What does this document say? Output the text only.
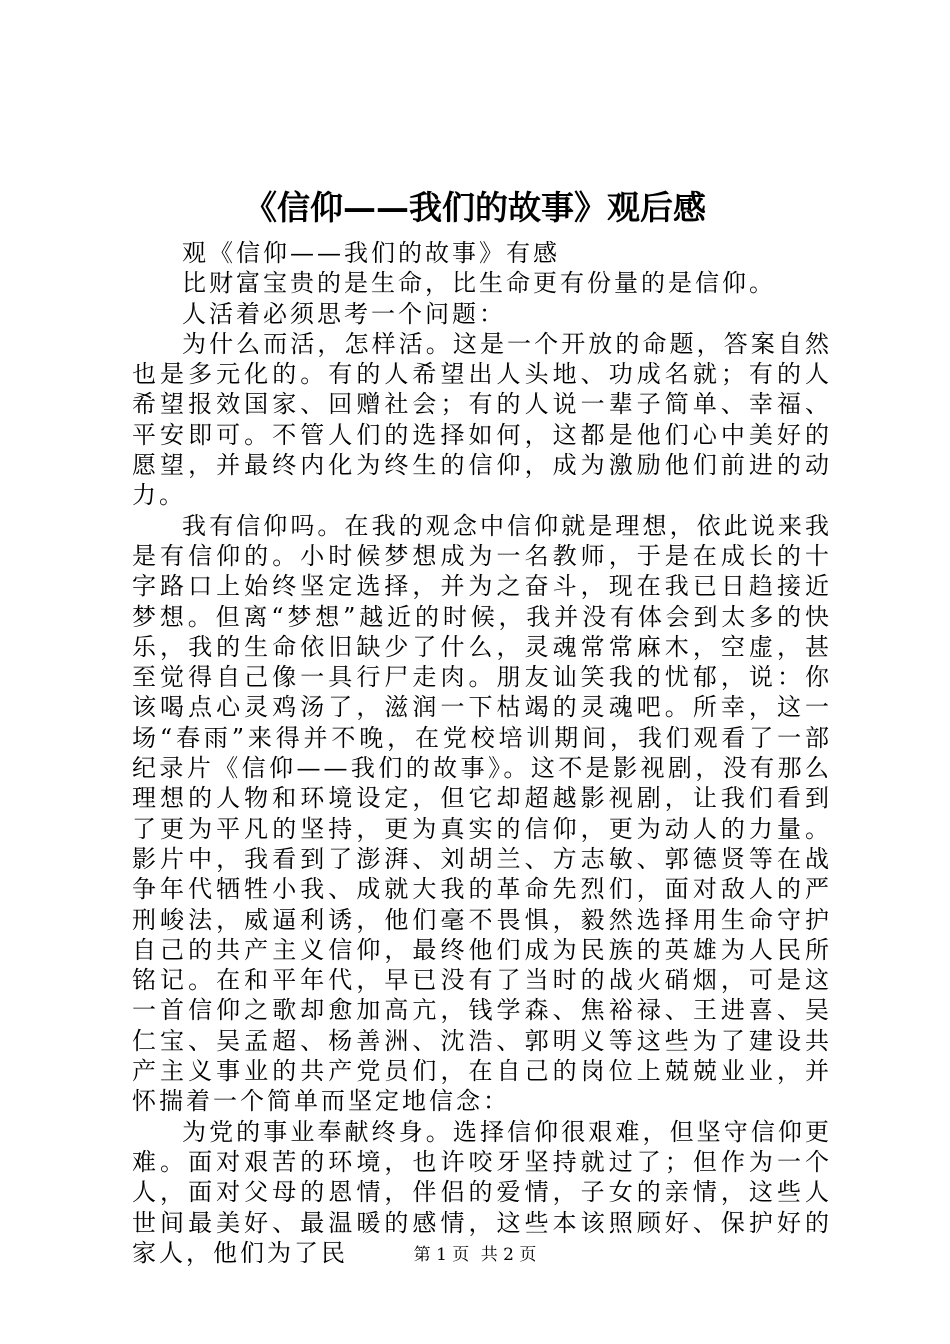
《信仰——我们的故事》观后感

观《信仰——我们的故事》有感

比财富宝贵的是生命，比生命更有份量的是信仰。

人活着必须思考一个问题：

为什么而活，怎样活。这是一个开放的命题，答案自然也是多元化的。有的人希望出人头地、功成名就；有的人希望报效国家、回赠社会；有的人说一辈子简单、幸福、平安即可。不管人们的选择如何，这都是他们心中美好的愿望，并最终内化为终生的信仰，成为激励他们前进的动力。

我有信仰吗。在我的观念中信仰就是理想，依此说来我是有信仰的。小时候梦想成为一名教师，于是在成长的十字路口上始终坚定选择，并为之奋斗，现在我已日趋接近梦想。但离“梦想”越近的时候，我并没有体会到太多的快乐，我的生命依旧缺少了什么，灵魂常常麻木，空虚，甚至觉得自己像一具行尸走肉。朋友讪笑我的忧郁，说：你该喝点心灵鸡汤了，滋润一下枯竭的灵魂吧。所幸，这一场“春雨”来得并不晚，在党校培训期间，我们观看了一部纪录片《信仰——我们的故事》。这不是影视剧，没有那么理想的人物和环境设定，但它却超越影视剧，让我们看到了更为平凡的坚持，更为真实的信仰，更为动人的力量。影片中，我看到了澎湃、刘胡兰、方志敏、郭德贤等在战争年代牺牲小我、成就大我的革命先烈们，面对敌人的严刑峻法，威逼利诱，他们毫不畏惧，毅然选择用生命守护自己的共产主义信仰，最终他们成为民族的英雄为人民所铭记。在和平年代，早已没有了当时的战火硝烟，可是这一首信仰之歌却愈加高亢，钱学森、焦裕禄、王进喜、吴仁宝、吴孟超、杨善洲、沈浩、郭明义等这些为了建设共产主义事业的共产党员们，在自己的岗位上兢兢业业，并怀揣着一个简单而坚定地信念：

为党的事业奉献终身。选择信仰很艰难，但坚守信仰更难。面对艰苦的环境，也许咬牙坚持就过了；但作为一个人，面对父母的恩情，伴侣的爱情，子女的亲情，这些人世间最美好、最温暖的感情，这些本该照顾好、保护好的家人，他们为了民	第 1 页 共 2 页
